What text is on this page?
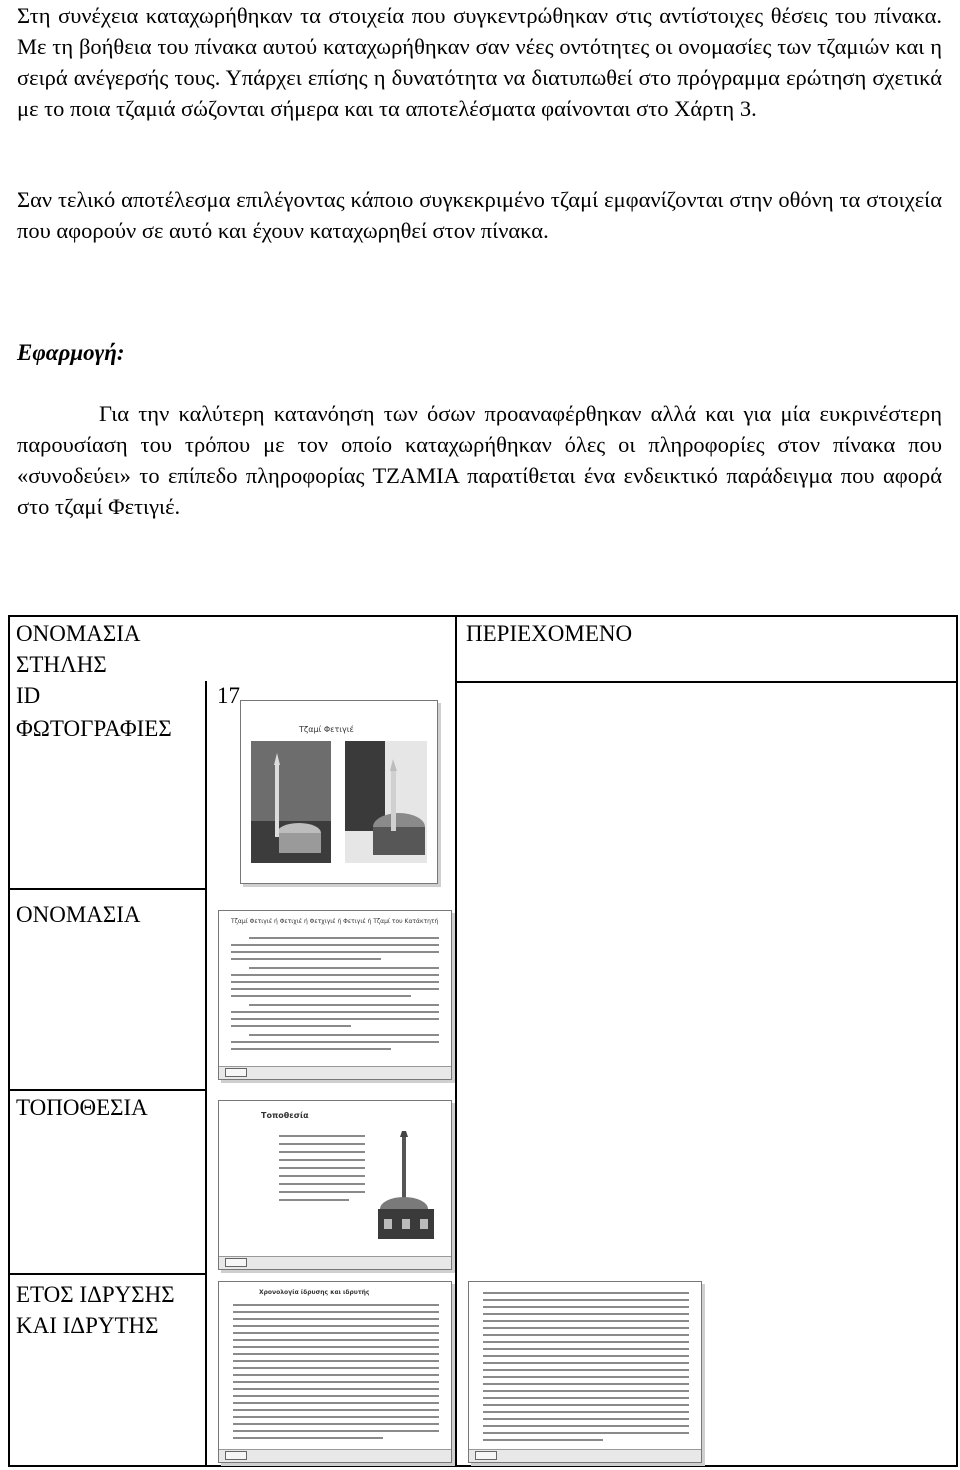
Στη συνέχεια καταχωρήθηκαν τα στοιχεία που συγκεντρώθηκαν στις αντίστοιχες θέσεις του πίνακα. Με τη βοήθεια του πίνακα αυτού καταχωρήθηκαν σαν νέες οντότητες οι ονομασίες των τζαμιών και η σειρά ανέγερσής τους. Υπάρχει επίσης η δυνατότητα να διατυπωθεί στο πρόγραμμα ερώτηση σχετικά με το ποια τζαμιά σώζονται σήμερα και τα αποτελέσματα φαίνονται στο Χάρτη 3.

Σαν τελικό αποτέλεσμα επιλέγοντας κάποιο συγκεκριμένο τζαμί εμφανίζονται στην οθόνη τα στοιχεία που αφορούν σε αυτό και έχουν καταχωρηθεί στον πίνακα.

Εφαρμογή:

Για την καλύτερη κατανόηση των όσων προαναφέρθηκαν αλλά και για μία ευκρινέστερη παρουσίαση του τρόπου με τον οποίο καταχωρήθηκαν όλες οι πληροφορίες στον πίνακα που «συνοδεύει» το επίπεδο πληροφορίας ΤΖΑΜΙΑ παρατίθεται ένα ενδεικτικό παράδειγμα που αφορά στο τζαμί Φετιγιέ.

ΟΝΟΜΑΣΙΑ ΣΤΗΛΗΣ

ΠΕΡΙΕΧΟΜΕΝΟ

ID	17

ΦΩΤΟΓΡΑΦΙΕΣ

ΟΝΟΜΑΣΙΑ

ΤΟΠΟΘΕΣΙΑ

ΕΤΟΣ ΙΔΡΥΣΗΣ ΚΑΙ ΙΔΡΥΤΗΣ

Τζαμί Φετιγιέ
Τζαμί Φετιγιέ ή Φετιχιέ ή Φετχιγιέ ή Φετιγιέ ή Τζαμί του Κατάκτητή
Τοποθεσία
Χρονολογία ίδρυσης και ιδρυτής
